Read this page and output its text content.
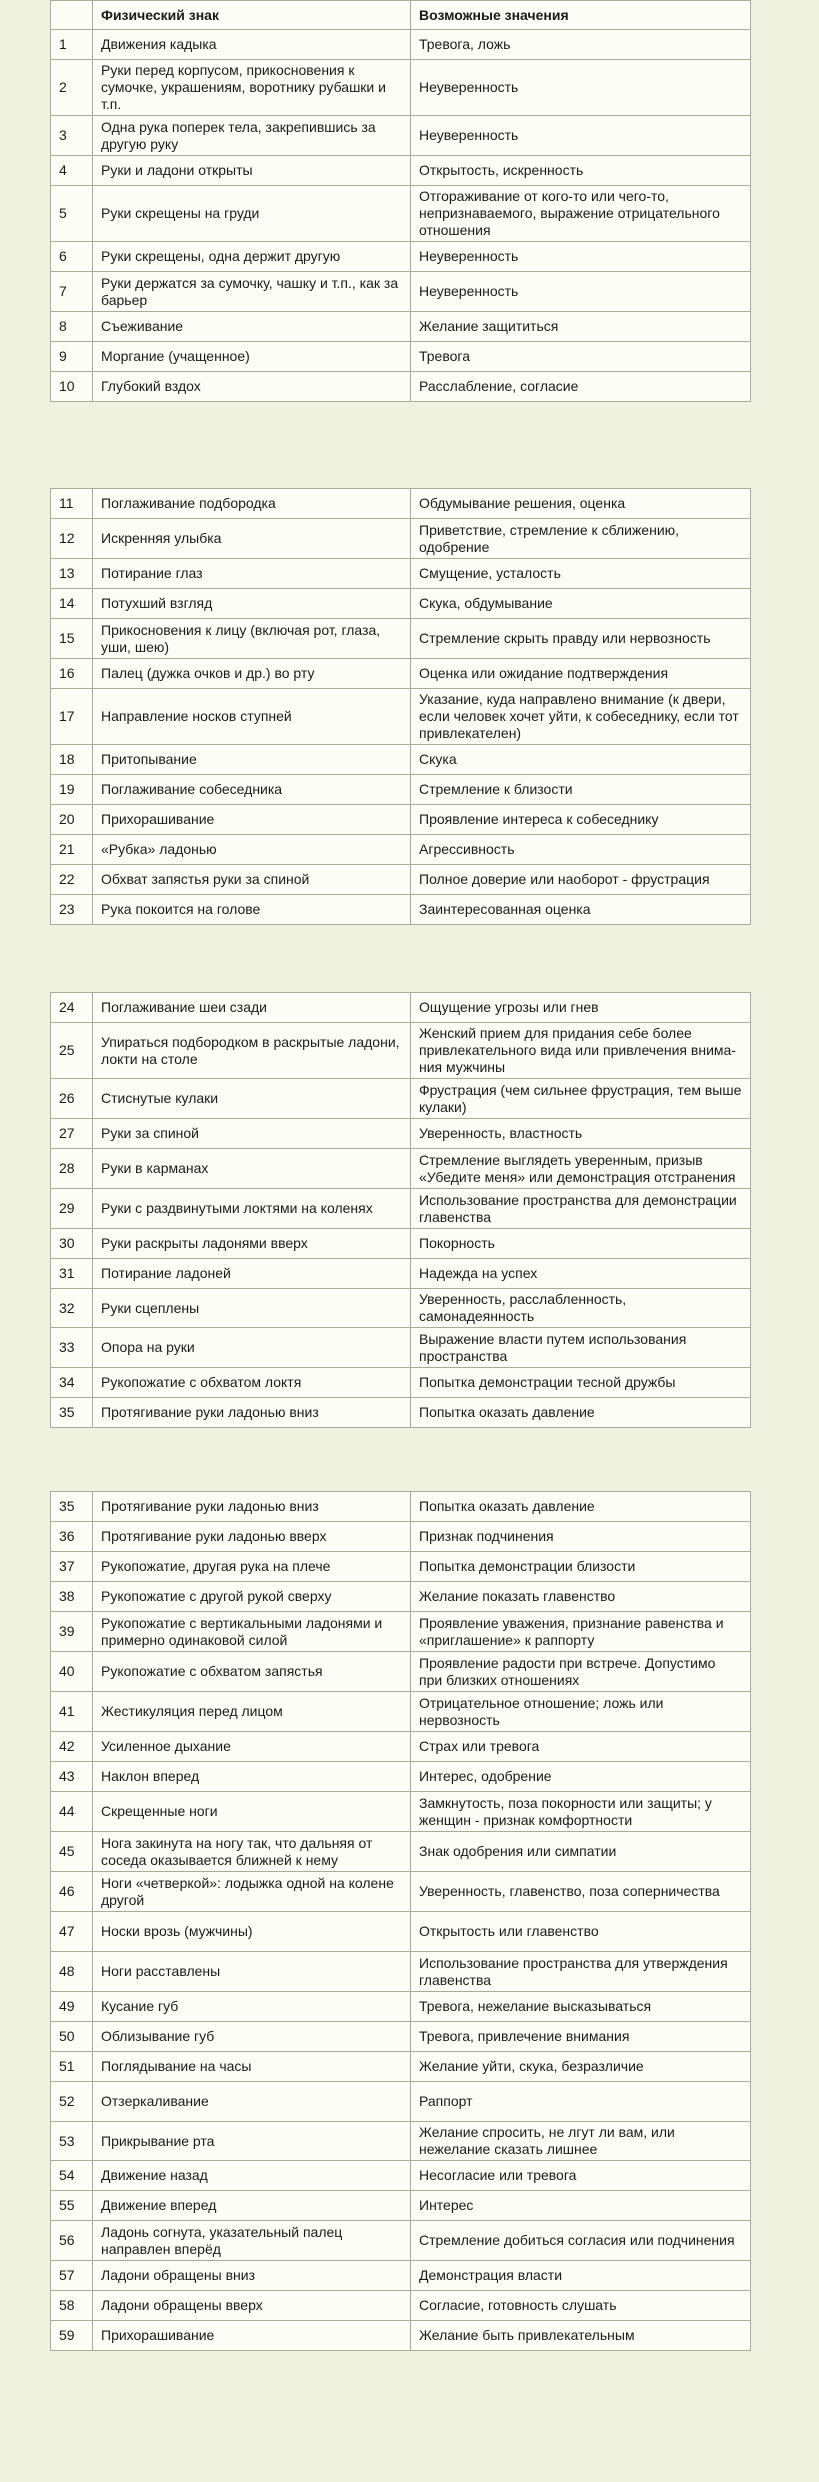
	Физический знак	Возможные значения
1	Движения кадыка	Тревога, ложь
2	Руки перед корпусом, прикосновения к сумочке, украшениям, воротнику рубашки и т.п.	Неуверенность
3	Одна рука поперек тела, закрепившись за другую руку	Неуверенность
4	Руки и ладони открыты	Открытость, искренность
5	Руки скрещены на груди	Отгораживание от кого-то или чего-то, непризнаваемого, выражение отрицательного отношения
6	Руки скрещены, одна держит другую	Неуверенность
7	Руки держатся за сумочку, чашку и т.п., как за барьер	Неуверенность
8	Съеживание	Желание защититься
9	Моргание (учащенное)	Тревога
10	Глубокий вздох	Расслабление, согласие
11	Поглаживание подбородка	Обдумывание решения, оценка
12	Искренняя улыбка	Приветствие, стремление к сближению, одобрение
13	Потирание глаз	Смущение, усталость
14	Потухший взгляд	Скука, обдумывание
15	Прикосновения к лицу (включая рот, глаза, уши, шею)	Стремление скрыть правду или нервозность
16	Палец (дужка очков и др.) во рту	Оценка или ожидание подтверждения
17	Направление носков ступней	Указание, куда направлено внимание (к двери, если человек хочет уйти, к собеседнику, если тот привлекателен)
18	Притопывание	Скука
19	Поглаживание собеседника	Стремление к близости
20	Прихорашивание	Проявление интереса к собеседнику
21	«Рубка» ладонью	Агрессивность
22	Обхват запястья руки за спиной	Полное доверие или наоборот - фрустрация
23	Рука покоится на голове	Заинтересованная оценка
24	Поглаживание шеи сзади	Ощущение угрозы или гнев
25	Упираться подбородком в раскрытые ладони, локти на столе	Женский прием для придания себе более привлекательного вида или привлечения внима-ния мужчины
26	Стиснутые кулаки	Фрустрация (чем сильнее фрустрация, тем выше кулаки)
27	Руки за спиной	Уверенность, властность
28	Руки в карманах	Стремление выглядеть уверенным, призыв «Убедите меня» или демонстрация отстранения
29	Руки с раздвинутыми локтями на коленях	Использование пространства для демонстрации главенства
30	Руки раскрыты ладонями вверх	Покорность
31	Потирание ладоней	Надежда на успех
32	Руки сцеплены	Уверенность, расслабленность, самонадеянность
33	Опора на руки	Выражение власти путем использования пространства
34	Рукопожатие с обхватом локтя	Попытка демонстрации тесной дружбы
35	Протягивание руки ладонью вниз	Попытка оказать давление
35	Протягивание руки ладонью вниз	Попытка оказать давление
36	Протягивание руки ладонью вверх	Признак подчинения
37	Рукопожатие, другая рука на плече	Попытка демонстрации близости
38	Рукопожатие с другой рукой сверху	Желание показать главенство
39	Рукопожатие с вертикальными ладонями и примерно одинаковой силой	Проявление уважения, признание равенства и «приглашение» к раппорту
40	Рукопожатие с обхватом запястья	Проявление радости при встрече. Допустимо при близких отношениях
41	Жестикуляция перед лицом	Отрицательное отношение; ложь или нервозность
42	Усиленное дыхание	Страх или тревога
43	Наклон вперед	Интерес, одобрение
44	Скрещенные ноги	Замкнутость, поза покорности или защиты; у женщин - признак комфортности
45	Нога закинута на ногу так, что дальняя от соседа оказывается ближней к нему	Знак одобрения или симпатии
46	Ноги «четверкой»: лодыжка одной на колене другой	Уверенность, главенство, поза соперничества
47	Носки врозь (мужчины)	Открытость или главенство
48	Ноги расставлены	Использование пространства для утверждения главенства
49	Кусание губ	Тревога, нежелание высказываться
50	Облизывание губ	Тревога, привлечение внимания
51	Поглядывание на часы	Желание уйти, скука, безразличие
52	Отзеркаливание	Раппорт
53	Прикрывание рта	Желание спросить, не лгут ли вам, или нежелание сказать лишнее
54	Движение назад	Несогласие или тревога
55	Движение вперед	Интерес
56	Ладонь согнута, указательный палец направлен вперёд	Стремление добиться согласия или подчинения
57	Ладони обращены вниз	Демонстрация власти
58	Ладони обращены вверх	Согласие, готовность слушать
59	Прихорашивание	Желание быть привлекательным
